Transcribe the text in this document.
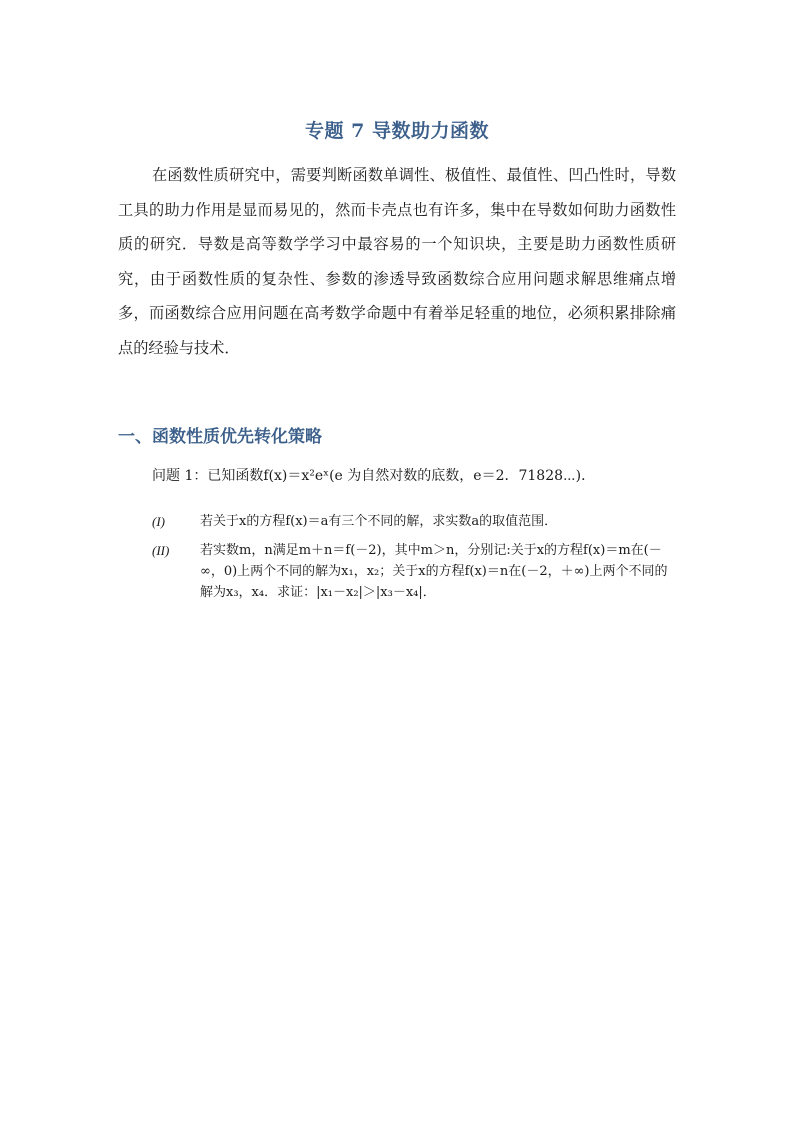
专题 7 导数助力函数

在函数性质研究中，需要判断函数单调性、极值性、最值性、凹凸性时，导数工具的助力作用是显而易见的，然而卡壳点也有许多，集中在导数如何助力函数性质的研究．导数是高等数学学习中最容易的一个知识块，主要是助力函数性质研究，由于函数性质的复杂性、参数的渗透导致函数综合应用问题求解思维痛点增多，而函数综合应用问题在高考数学命题中有着举足轻重的地位，必须积累排除痛点的经验与技术．

一、函数性质优先转化策略
问题 1：已知函数f(x)＝x²eˣ(e 为自然对数的底数，e＝2．71828⋯)．
(I)	若关于x的方程f(x)＝a有三个不同的解，求实数a的取值范围．
(II) 若实数m，n满足m＋n＝f(－2)，其中m＞n，分别记:关于x的方程f(x)＝m在(－∞，0)上两个不同的解为x₁，x₂；关于x的方程f(x)＝n在(－2，＋∞)上两个不同的解为x₃，x₄．求证：|x₁－x₂|＞|x₃－x₄|．
